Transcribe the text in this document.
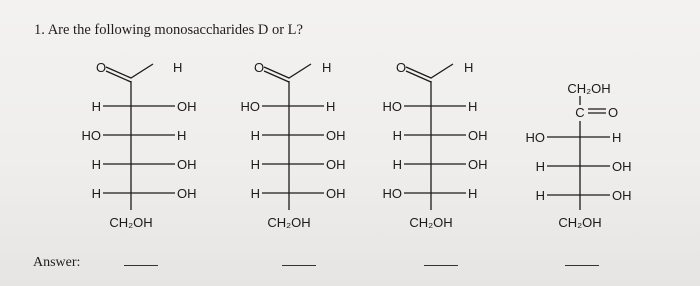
1. Are the following monosaccharides D or L?
O	H
H	OH
HO	H
H	OH
H	OH
CH₂OH
O	H
HO	H
H	OH
H	OH
H	OH
CH₂OH
O	H
HO	H
H	OH
H	OH
HO	H
CH₂OH
CH₂OH
C O
HO	H
H	OH
H	OH
CH₂OH
Answer:
